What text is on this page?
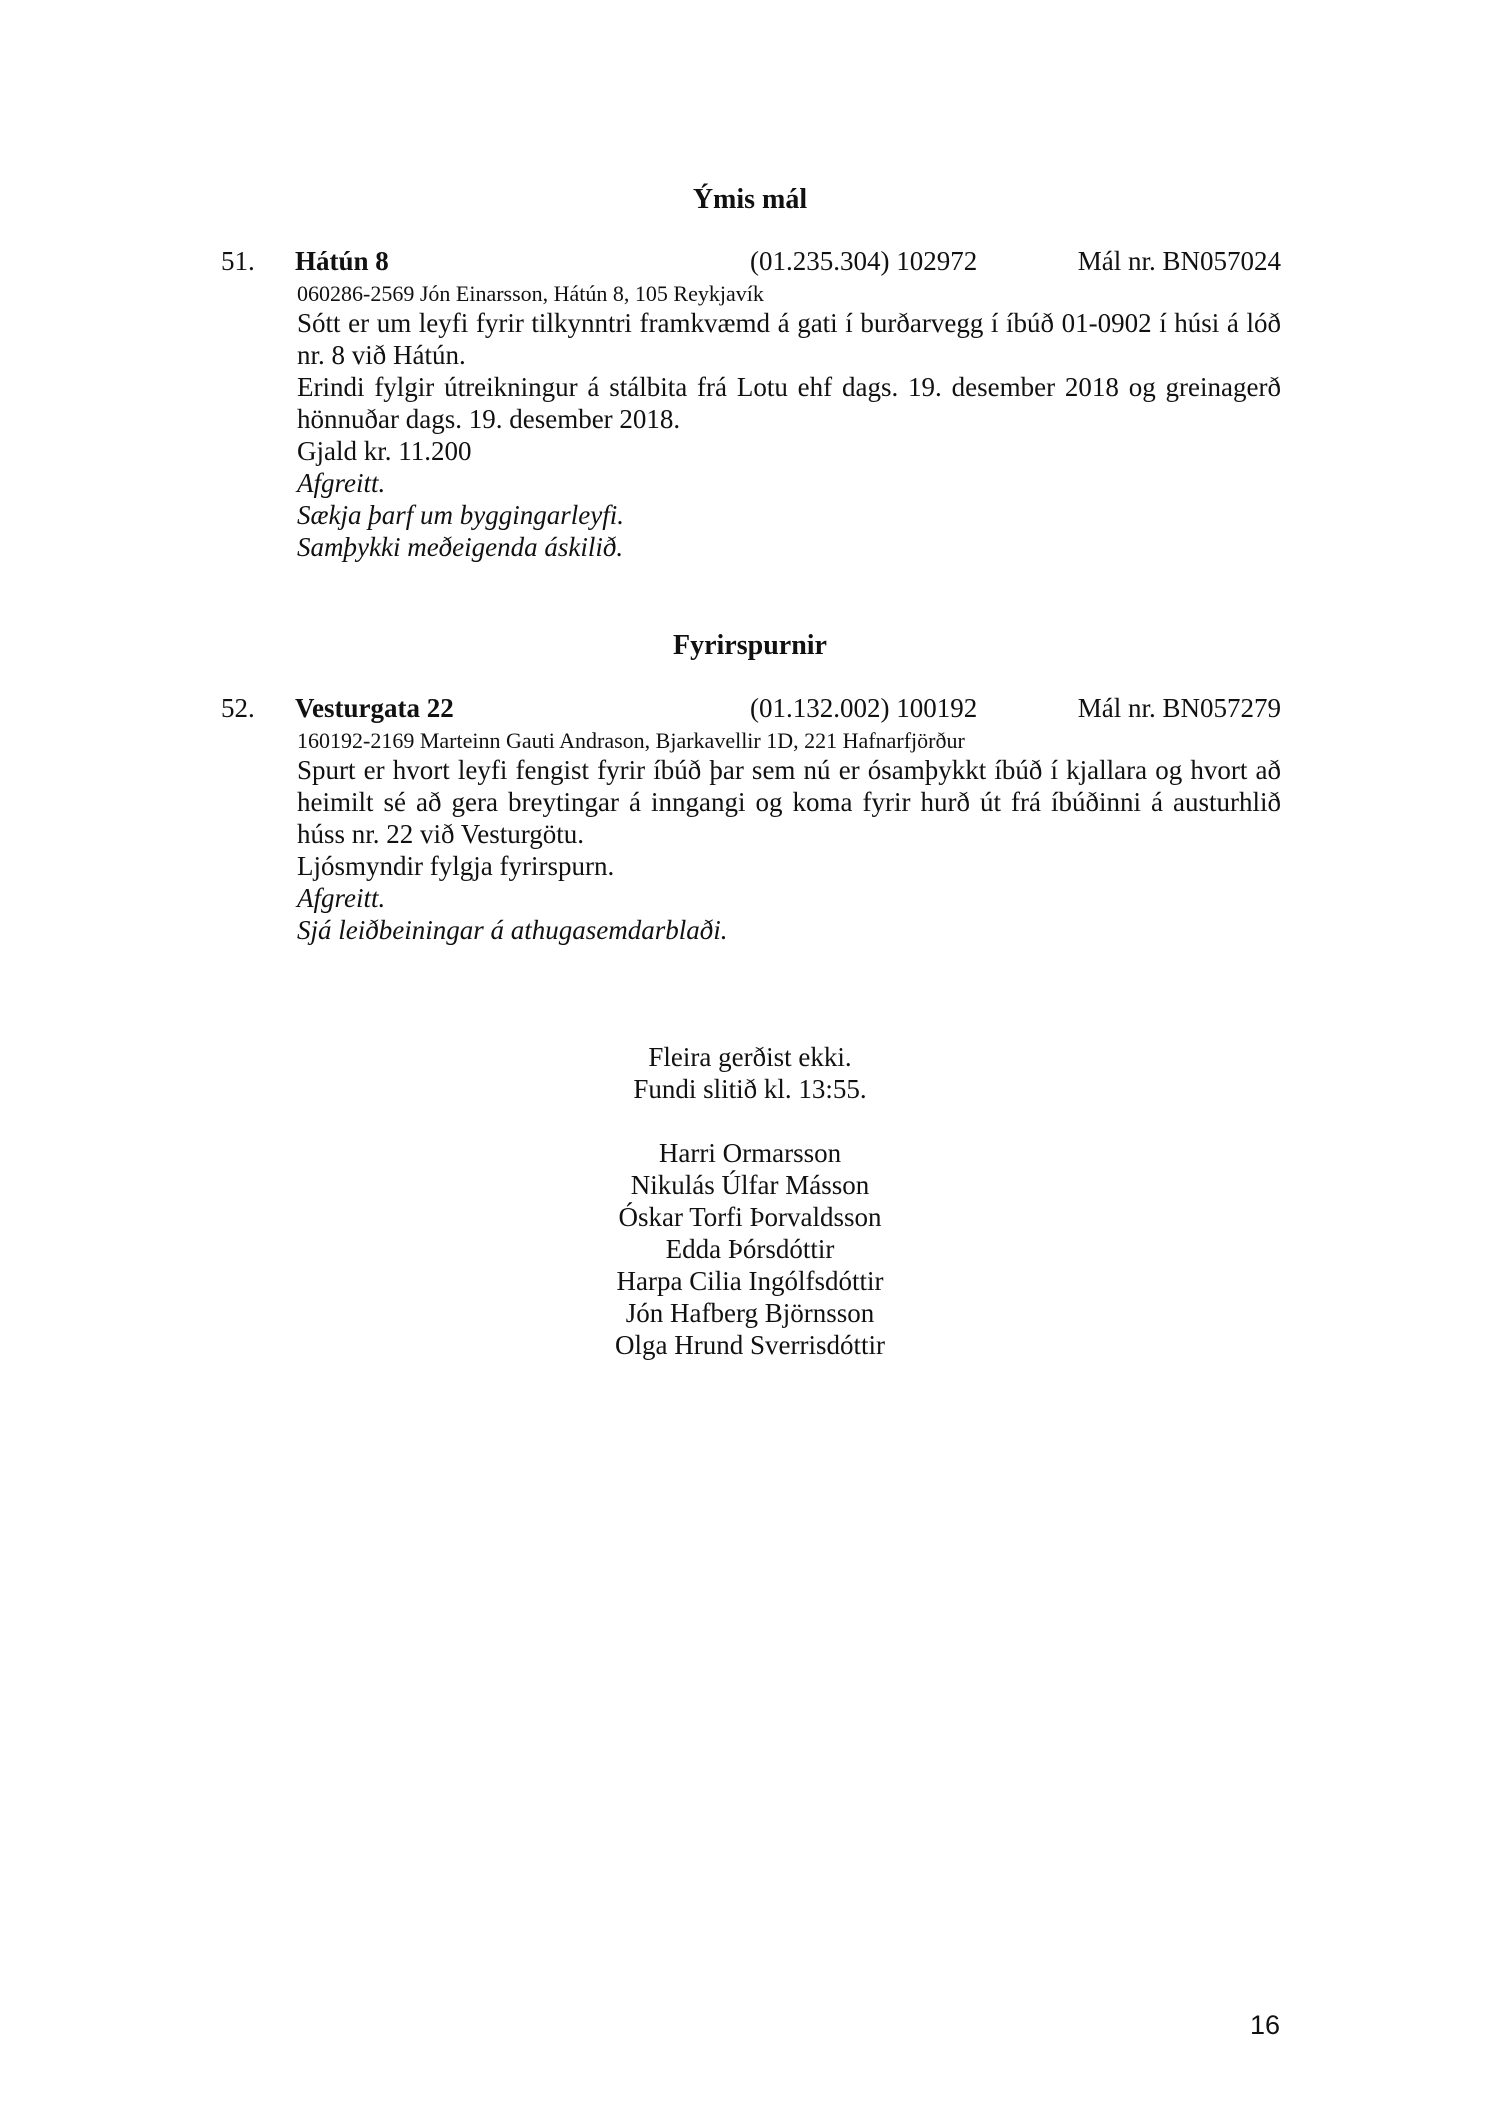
Ýmis mál
51. Hátún 8	(01.235.304) 102972	Mál nr. BN057024
060286-2569 Jón Einarsson, Hátún 8, 105 Reykjavík
Sótt er um leyfi fyrir tilkynntri framkvæmd á gati í burðarvegg í íbúð 01-0902 í húsi á lóð nr. 8 við Hátún.
Erindi fylgir útreikningur á stálbita frá Lotu ehf dags. 19. desember 2018 og greinagerð hönnuðar dags. 19. desember 2018.
Gjald kr. 11.200
Afgreitt.
Sækja þarf um byggingarleyfi.
Samþykki meðeigenda áskilið.
Fyrirspurnir
52. Vesturgata 22	(01.132.002) 100192	Mál nr. BN057279
160192-2169 Marteinn Gauti Andrason, Bjarkavellir 1D, 221 Hafnarfjörður
Spurt er hvort leyfi fengist fyrir íbúð þar sem nú er ósamþykkt íbúð í kjallara og hvort að heimilt sé að gera breytingar á inngangi og koma fyrir hurð út frá íbúðinni á austurhlið húss nr. 22 við Vesturgötu.
Ljósmyndir fylgja fyrirspurn.
Afgreitt.
Sjá leiðbeiningar á athugasemdarblaði.
Fleira gerðist ekki.
Fundi slitið kl. 13:55.
Harri Ormarsson
Nikulás Úlfar Másson
Óskar Torfi Þorvaldsson
Edda Þórsdóttir
Harpa Cilia Ingólfsdóttir
Jón Hafberg Björnsson
Olga Hrund Sverrisdóttir
16
